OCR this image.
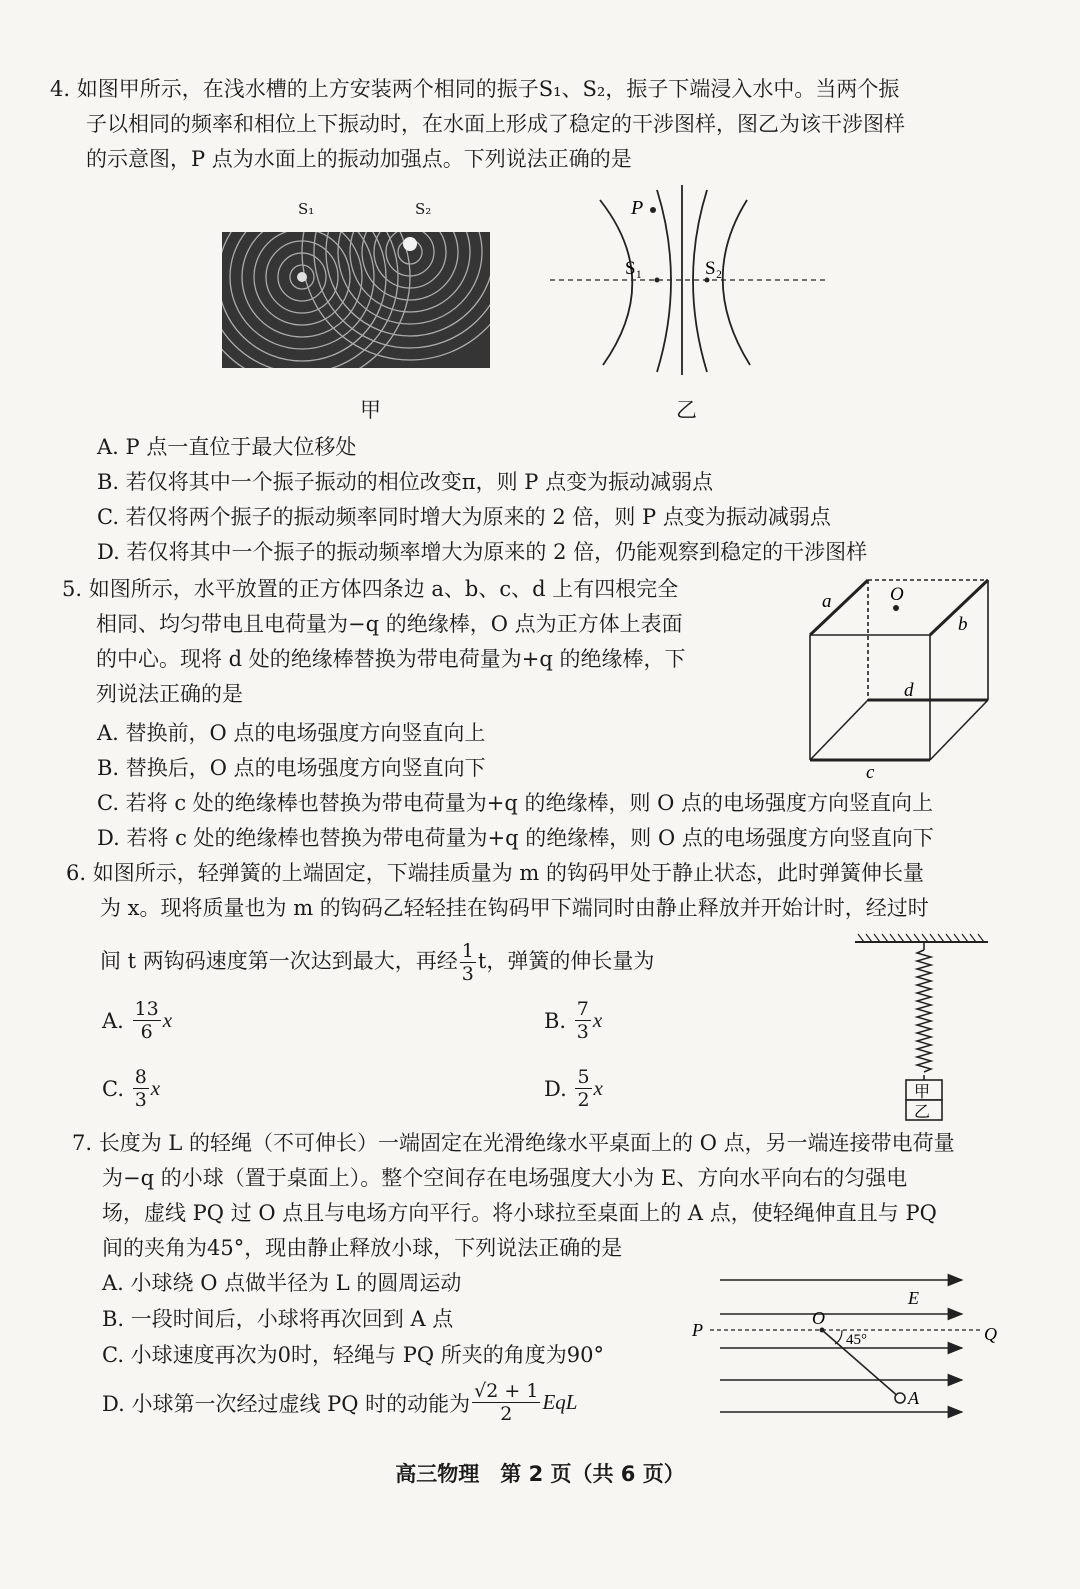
4. 如图甲所示，在浅水槽的上方安装两个相同的振子S₁、S₂，振子下端浸入水中。当两个振
子以相同的频率和相位上下振动时，在水面上形成了稳定的干涉图样，图乙为该干涉图样
的示意图，P 点为水面上的振动加强点。下列说法正确的是
S₁	S₂
甲
P
S₁	S₂
乙
A. P 点一直位于最大位移处
B. 若仅将其中一个振子振动的相位改变π，则 P 点变为振动减弱点
C. 若仅将两个振子的振动频率同时增大为原来的 2 倍，则 P 点变为振动减弱点
D. 若仅将其中一个振子的振动频率增大为原来的 2 倍，仍能观察到稳定的干涉图样
5. 如图所示，水平放置的正方体四条边 a、b、c、d 上有四根完全
相同、均匀带电且电荷量为−q 的绝缘棒，O 点为正方体上表面
的中心。现将 d 处的绝缘棒替换为带电荷量为+q 的绝缘棒，下
列说法正确的是
a	O
b
d
c
A. 替换前，O 点的电场强度方向竖直向上
B. 替换后，O 点的电场强度方向竖直向下
C. 若将 c 处的绝缘棒也替换为带电荷量为+q 的绝缘棒，则 O 点的电场强度方向竖直向上
D. 若将 c 处的绝缘棒也替换为带电荷量为+q 的绝缘棒，则 O 点的电场强度方向竖直向下
6. 如图所示，轻弹簧的上端固定，下端挂质量为 m 的钩码甲处于静止状态，此时弹簧伸长量
为 x。现将质量也为 m 的钩码乙轻轻挂在钩码甲下端同时由静止释放并开始计时，经过时
间 t 两钩码速度第一次达到最大，再经 $\frac{1}{3}$ t，弹簧的伸长量为
A.
$\frac{13}{6}$ x	B.
$\frac{7}{3}$ x
C.
$\frac{8}{3}$ x	D.
$\frac{5}{2}$ x	甲
乙
7. 长度为 L 的轻绳（不可伸长）一端固定在光滑绝缘水平桌面上的 O 点，另一端连接带电荷量
为−q 的小球（置于桌面上）。整个空间存在电场强度大小为 E、方向水平向右的匀强电
场，虚线 PQ 过 O 点且与电场方向平行。将小球拉至桌面上的 A 点，使轻绳伸直且与 PQ
间的夹角为45°，现由静止释放小球，下列说法正确的是
A. 小球绕 O 点做半径为 L 的圆周运动
B. 一段时间后，小球将再次回到 A 点
C. 小球速度再次为0时，轻绳与 PQ 所夹的角度为90°
D. 小球第一次经过虚线 PQ 时的动能为 $\frac{√2 + 1}{2}$ EqL
E
P	Q
O
45°
A
高三物理　第 2 页（共 6 页）
